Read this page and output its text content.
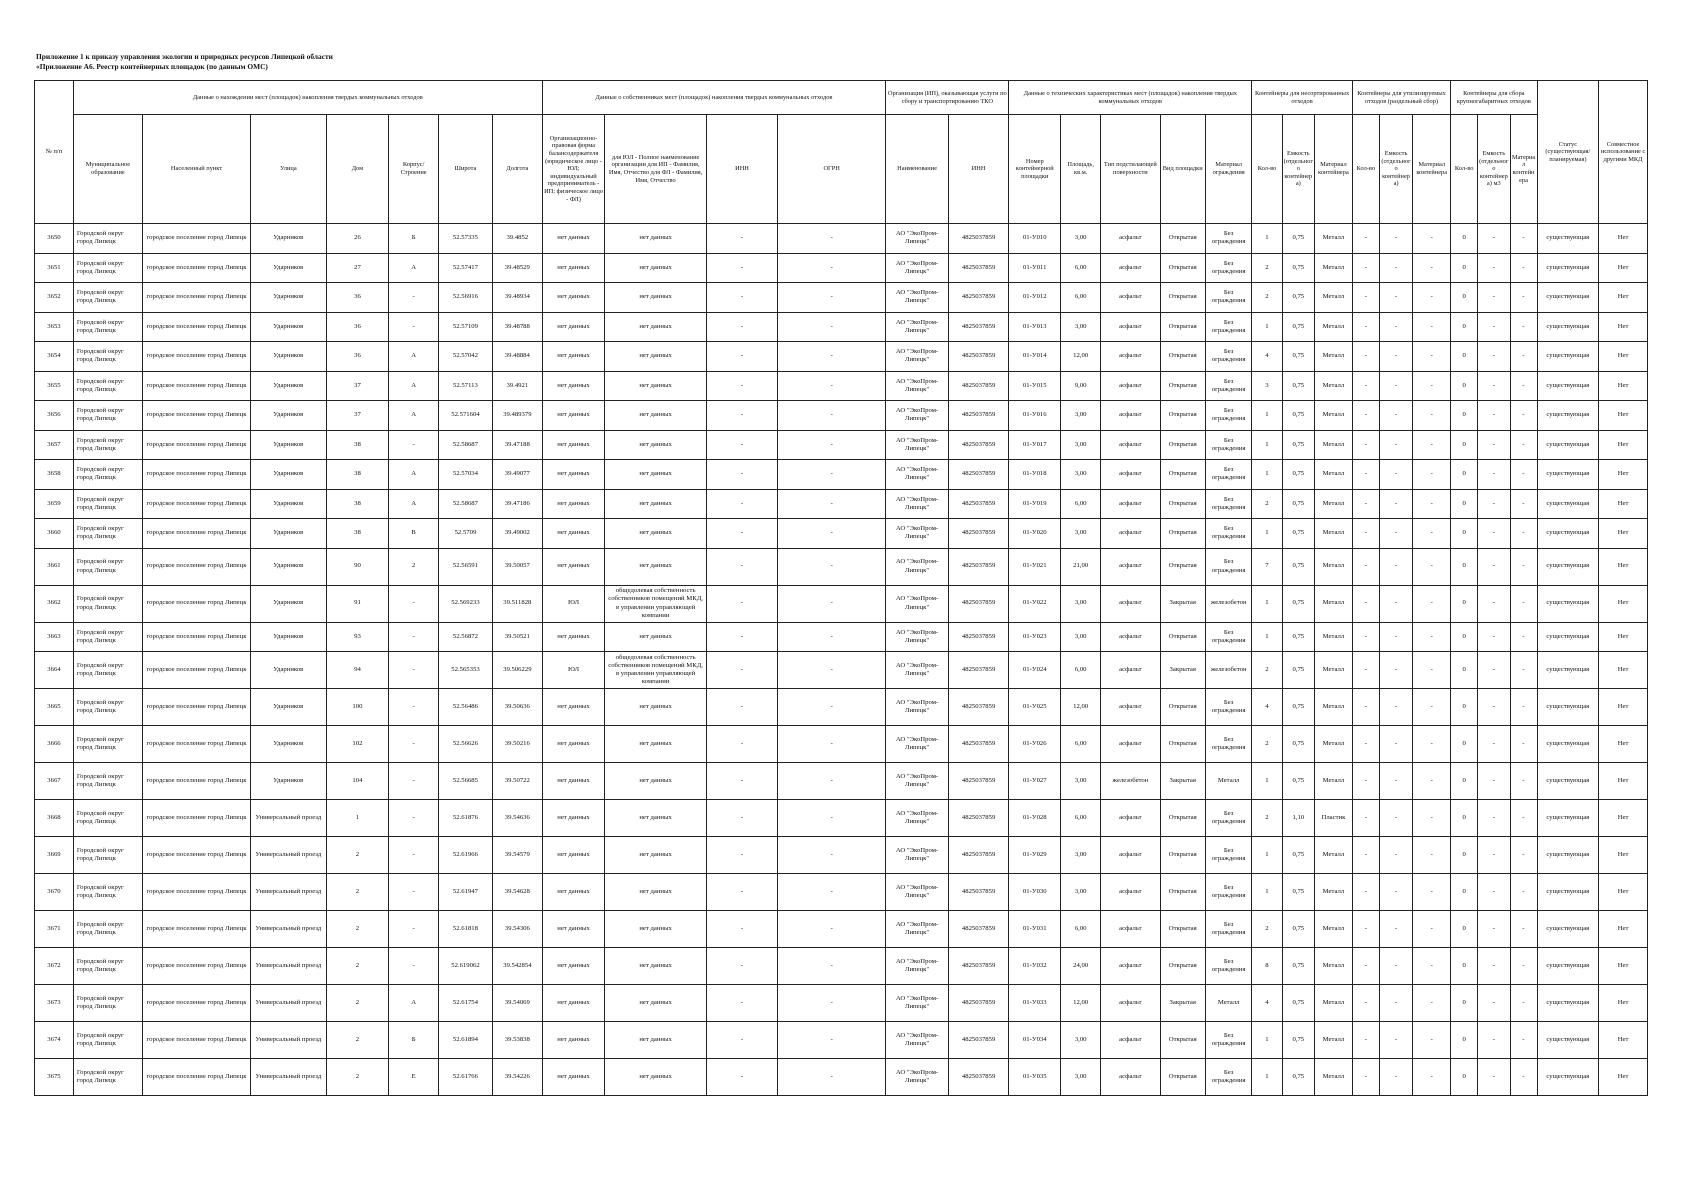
Приложение 1 к приказу управления экологии и природных ресурсов Липецкой области
«Приложение А6. Реестр контейнерных площадок (по данным ОМС)
№ п/п	Данные о нахождении мест (площадок) накопления твердых коммунальных отходов							Данные о собственниках мест (площадок) накопления твердых коммунальных отходов				Организация (ИП), оказывающая услуги по сбору и транспортированию ТКО		Данные о технических характеристиках мест (площадок) накопления твердых коммунальных отходов					Контейнеры для несортированных отходов			Контейнеры для утилизируемых отходов (раздельный сбор)			Контейнеры для сбора крупногабаритных отходов			Статус (существующая/планируемая)	Совместное использование с другими МКД
	Муниципальное образование	Населенный пункт	Улица	Дом	Корпус/Строение	Широта	Долгота	Организационно-правовая форма балансодержателя (юридическое лицо - ЮЛ; индивидуальный предприниматель - ИП; физическое лицо - ФЛ)	для ЮЛ - Полное наименование организации для ИП - Фамилия, Имя, Отчество для ФЛ - Фамилия, Имя, Отчество	ИНН	ОГРН	Наименование	ИНН	Номер контейнерной площадки	Площадь, кв.м.	Тип подстилающей поверхности	Вид площадки	Материал ограждения	Кол-во	Емкость (отдельного контейнера)	Материал контейнера	Кол-во	Емкость (отдельного контейнера)	Материал контейнера	Кол-во	Емкость (отдельного контейнера) м3	Материал контейнера		
3650	Городской округ город Липецк	городское поселение город Липецк	Ударников	26	Б	52.57335	39.4852	нет данных	нет данных	-	-	АО "ЭкоПром-Липецк"	4825037859	01-У010	3,00	асфальт	Открытая	Без ограждения	1	0,75	Металл	-	-	-	0	-	-	существующая	Нет
3651	Городской округ город Липецк	городское поселение город Липецк	Ударников	27	А	52.57417	39.48529	нет данных	нет данных	-	-	АО "ЭкоПром-Липецк"	4825037859	01-У011	6,00	асфальт	Открытая	Без ограждения	2	0,75	Металл	-	-	-	0	-	-	существующая	Нет
3652	Городской округ город Липецк	городское поселение город Липецк	Ударников	36	-	52.56916	39.48934	нет данных	нет данных	-	-	АО "ЭкоПром-Липецк"	4825037859	01-У012	6,00	асфальт	Открытая	Без ограждения	2	0,75	Металл	-	-	-	0	-	-	существующая	Нет
3653	Городской округ город Липецк	городское поселение город Липецк	Ударников	36	-	52.57109	39.48788	нет данных	нет данных	-	-	АО "ЭкоПром-Липецк"	4825037859	01-У013	3,00	асфальт	Открытая	Без ограждения	1	0,75	Металл	-	-	-	0	-	-	существующая	Нет
3654	Городской округ город Липецк	городское поселение город Липецк	Ударников	36	А	52.57042	39.48884	нет данных	нет данных	-	-	АО "ЭкоПром-Липецк"	4825037859	01-У014	12,00	асфальт	Открытая	Без ограждения	4	0,75	Металл	-	-	-	0	-	-	существующая	Нет
3655	Городской округ город Липецк	городское поселение город Липецк	Ударников	37	А	52.57113	39.4921	нет данных	нет данных	-	-	АО "ЭкоПром-Липецк"	4825037859	01-У015	9,00	асфальт	Открытая	Без ограждения	3	0,75	Металл	-	-	-	0	-	-	существующая	Нет
3656	Городской округ город Липецк	городское поселение город Липецк	Ударников	37	А	52.571604	39.489379	нет данных	нет данных	-	-	АО "ЭкоПром-Липецк"	4825037859	01-У016	3,00	асфальт	Открытая	Без ограждения	1	0,75	Металл	-	-	-	0	-	-	существующая	Нет
3657	Городской округ город Липецк	городское поселение город Липецк	Ударников	38	-	52.58687	39.47188	нет данных	нет данных	-	-	АО "ЭкоПром-Липецк"	4825037859	01-У017	3,00	асфальт	Открытая	Без ограждения	1	0,75	Металл	-	-	-	0	-	-	существующая	Нет
3658	Городской округ город Липецк	городское поселение город Липецк	Ударников	38	А	52.57034	39.49077	нет данных	нет данных	-	-	АО "ЭкоПром-Липецк"	4825037859	01-У018	3,00	асфальт	Открытая	Без ограждения	1	0,75	Металл	-	-	-	0	-	-	существующая	Нет
3659	Городской округ город Липецк	городское поселение город Липецк	Ударников	38	А	52.58687	39.47186	нет данных	нет данных	-	-	АО "ЭкоПром-Липецк"	4825037859	01-У019	6,00	асфальт	Открытая	Без ограждения	2	0,75	Металл	-	-	-	0	-	-	существующая	Нет
3660	Городской округ город Липецк	городское поселение город Липецк	Ударников	38	В	52.5709	39.49002	нет данных	нет данных	-	-	АО "ЭкоПром-Липецк"	4825037859	01-У020	3,00	асфальт	Открытая	Без ограждения	1	0,75	Металл	-	-	-	0	-	-	существующая	Нет
3661	Городской округ город Липецк	городское поселение город Липецк	Ударников	90	2	52.56591	39.50057	нет данных	нет данных	-	-	АО "ЭкоПром-Липецк"	4825037859	01-У021	21,00	асфальт	Открытая	Без ограждения	7	0,75	Металл	-	-	-	0	-	-	существующая	Нет
3662	Городской округ город Липецк	городское поселение город Липецк	Ударников	91	-	52.569233	39.511828	ЮЛ	общедолевая собственность собственников помещений МКД, в управлении управляющей компании	-	-	АО "ЭкоПром-Липецк"	4825037859	01-У022	3,00	асфальт	Закрытая	железобетон	1	0,75	Металл	-	-	-	0	-	-	существующая	Нет
3663	Городской округ город Липецк	городское поселение город Липецк	Ударников	93	-	52.56872	39.50521	нет данных	нет данных	-	-	АО "ЭкоПром-Липецк"	4825037859	01-У023	3,00	асфальт	Открытая	Без ограждения	1	0,75	Металл	-	-	-	0	-	-	существующая	Нет
3664	Городской округ город Липецк	городское поселение город Липецк	Ударников	94	-	52.565353	39.506229	ЮЛ	общедолевая собственность собственников помещений МКД, в управлении управляющей компании	-	-	АО "ЭкоПром-Липецк"	4825037859	01-У024	6,00	асфальт	Закрытая	железобетон	2	0,75	Металл	-	-	-	0	-	-	существующая	Нет
3665	Городской округ город Липецк	городское поселение город Липецк	Ударников	100	-	52.56486	39.50636	нет данных	нет данных	-	-	АО "ЭкоПром-Липецк"	4825037859	01-У025	12,00	асфальт	Открытая	Без ограждения	4	0,75	Металл	-	-	-	0	-	-	существующая	Нет
3666	Городской округ город Липецк	городское поселение город Липецк	Ударников	102	-	52.56626	39.50216	нет данных	нет данных	-	-	АО "ЭкоПром-Липецк"	4825037859	01-У026	6,00	асфальт	Открытая	Без ограждения	2	0,75	Металл	-	-	-	0	-	-	существующая	Нет
3667	Городской округ город Липецк	городское поселение город Липецк	Ударников	104	-	52.56685	39.50722	нет данных	нет данных	-	-	АО "ЭкоПром-Липецк"	4825037859	01-У027	3,00	железобетон	Закрытая	Металл	1	0,75	Металл	-	-	-	0	-	-	существующая	Нет
3668	Городской округ город Липецк	городское поселение город Липецк	Универсальный проезд	1	-	52.61876	39.54636	нет данных	нет данных	-	-	АО "ЭкоПром-Липецк"	4825037859	01-У028	6,00	асфальт	Открытая	Без ограждения	2	1,10	Пластик	-	-	-	0	-	-	существующая	Нет
3669	Городской округ город Липецк	городское поселение город Липецк	Универсальный проезд	2	-	52.61966	39.54579	нет данных	нет данных	-	-	АО "ЭкоПром-Липецк"	4825037859	01-У029	3,00	асфальт	Открытая	Без ограждения	1	0,75	Металл	-	-	-	0	-	-	существующая	Нет
3670	Городской округ город Липецк	городское поселение город Липецк	Универсальный проезд	2	-	52.61947	39.54628	нет данных	нет данных	-	-	АО "ЭкоПром-Липецк"	4825037859	01-У030	3,00	асфальт	Открытая	Без ограждения	1	0,75	Металл	-	-	-	0	-	-	существующая	Нет
3671	Городской округ город Липецк	городское поселение город Липецк	Универсальный проезд	2	-	52.61818	39.54306	нет данных	нет данных	-	-	АО "ЭкоПром-Липецк"	4825037859	01-У031	6,00	асфальт	Открытая	Без ограждения	2	0,75	Металл	-	-	-	0	-	-	существующая	Нет
3672	Городской округ город Липецк	городское поселение город Липецк	Универсальный проезд	2	-	52.619062	39.542854	нет данных	нет данных	-	-	АО "ЭкоПром-Липецк"	4825037859	01-У032	24,00	асфальт	Открытая	Без ограждения	8	0,75	Металл	-	-	-	0	-	-	существующая	Нет
3673	Городской округ город Липецк	городское поселение город Липецк	Универсальный проезд	2	А	52.61754	39.54069	нет данных	нет данных	-	-	АО "ЭкоПром-Липецк"	4825037859	01-У033	12,00	асфальт	Закрытая	Металл	4	0,75	Металл	-	-	-	0	-	-	существующая	Нет
3674	Городской округ город Липецк	городское поселение город Липецк	Универсальный проезд	2	Б	52.61894	39.53838	нет данных	нет данных	-	-	АО "ЭкоПром-Липецк"	4825037859	01-У034	3,00	асфальт	Открытая	Без ограждения	1	0,75	Металл	-	-	-	0	-	-	существующая	Нет
3675	Городской округ город Липецк	городское поселение город Липецк	Универсальный проезд	2	Е	52.61766	39.54226	нет данных	нет данных	-	-	АО "ЭкоПром-Липецк"	4825037859	01-У035	3,00	асфальт	Открытая	Без ограждения	1	0,75	Металл	-	-	-	0	-	-	существующая	Нет
